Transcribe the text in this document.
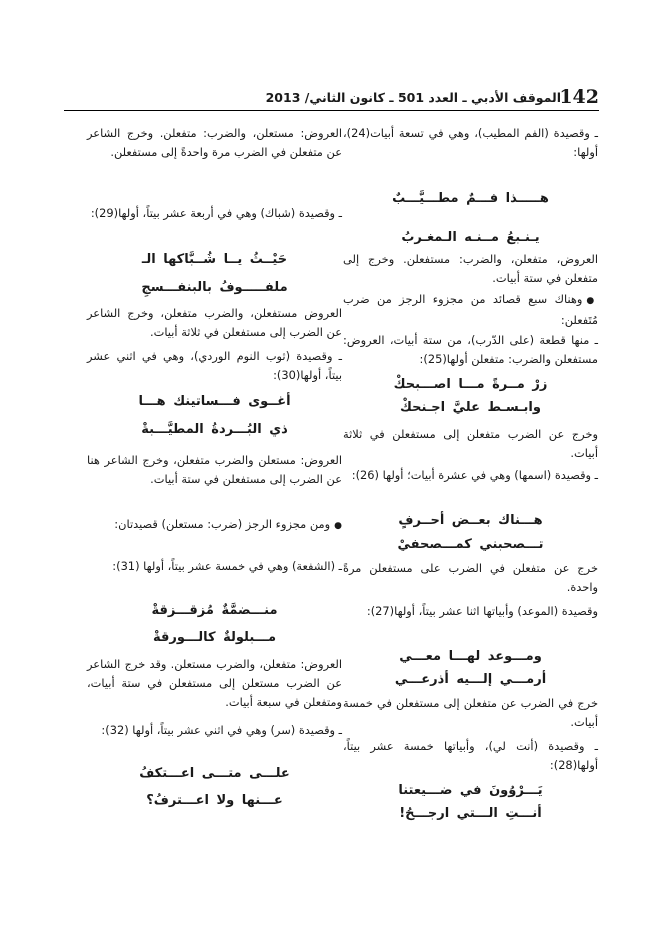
142
الموقف الأدبي ـ العدد 501 ـ كانون الثاني/ 2013

ـ وقصيدة (الفم المطيب)، وهي في تسعة أبيات(24)، أولها:

هـــــذا فـــمٌ مطـــيَّـــبٌ

يـنـبعُ مــنـه الـمغـربُ

العروض، متفعلن، والضرب: مستفعلن. وخرج إلى متفعلن في ستة أبيات.

● وهناك سبع قصائد من مجزوء الرجز من ضرب مُتَفعلن:

ـ منها قطعة (على الدّرب)، من ستة أبيات، العروض: مستفعلن والضرب: متفعلن أولها(25):

زرْ مــرةً مـــا اصـــبحكْ

وابـسـط عليَّ اجـنحكْ

وخرج عن الضرب متفعلن إلى مستفعلن في ثلاثة أبيات.

ـ وقصيدة (اسمها) وهي في عشرة أبيات؛ أولها (26):

هـــناك بعــض أحــرفٍ

تـــصحبني كمـــصحفيْ

خرج عن متفعلن في الضرب على مستفعلن مرةً واحدة.

وقصيدة (الموعد) وأبياتها اثنا عشر بيتاً، أولها(27):

ومـــوعد لهـــا معـــي

أرمـــي إلـــيه أذرعـــي

خرج في الضرب عن متفعلن إلى مستفعلن في خمسة أبيات.

ـ وقصيدة (أنت لي)، وأبياتها خمسة عشر بيتاً، أولها(28):

يَـــرْوُونَ في ضـــيعتنا

أنـــتِ الـــتي ارجـــحُ!

العروض: مستعلن، والضرب: متفعلن. وخرج الشاعر عن متفعلن في الضرب مرة واحدةً إلى مستفعلن.

ـ وقصيدة (شباك) وهي في أربعة عشر بيتاً، أولها(29):

حَيْــثُ يــا شُــبَّاكها الـ

ملفـــــوفُ بالبنفـــسجِ

العروض مستفعلن، والضرب متفعلن، وخرج الشاعر عن الضرب إلى مستفعلن في ثلاثة أبيات.

ـ وقصيدة (ثوب النوم الوردي)، وهي في اثني عشر بيتاً، أولها(30):

أغــوى فـــساتينك هـــا

ذي البُـــردةُ المطيَّـــبةْ

العروض: مستعلن والضرب متفعلن، وخرج الشاعر هنا عن الضرب إلى مستفعلن في ستة أبيات.

● ومن مجزوء الرجز (ضرب: مستعلن) قصيدتان:

ـ (الشفعة) وهي في خمسة عشر بيتاً، أولها (31):

منـــضمَّةٌ مُزقـــزقةْ

مـــبلولةٌ كالـــورقةْ

العروض: متفعلن، والضرب مستعلن. وقد خرج الشاعر عن الضرب مستعلن إلى مستفعلن في ستة أبيات، ومتفعلن في سبعة أبيات.

ـ وقصيدة (سر) وهي في اثني عشر بيتاً، أولها (32):

علـــى متـــى اعـــتكفُ

عـــنها ولا اعـــترفُ؟
